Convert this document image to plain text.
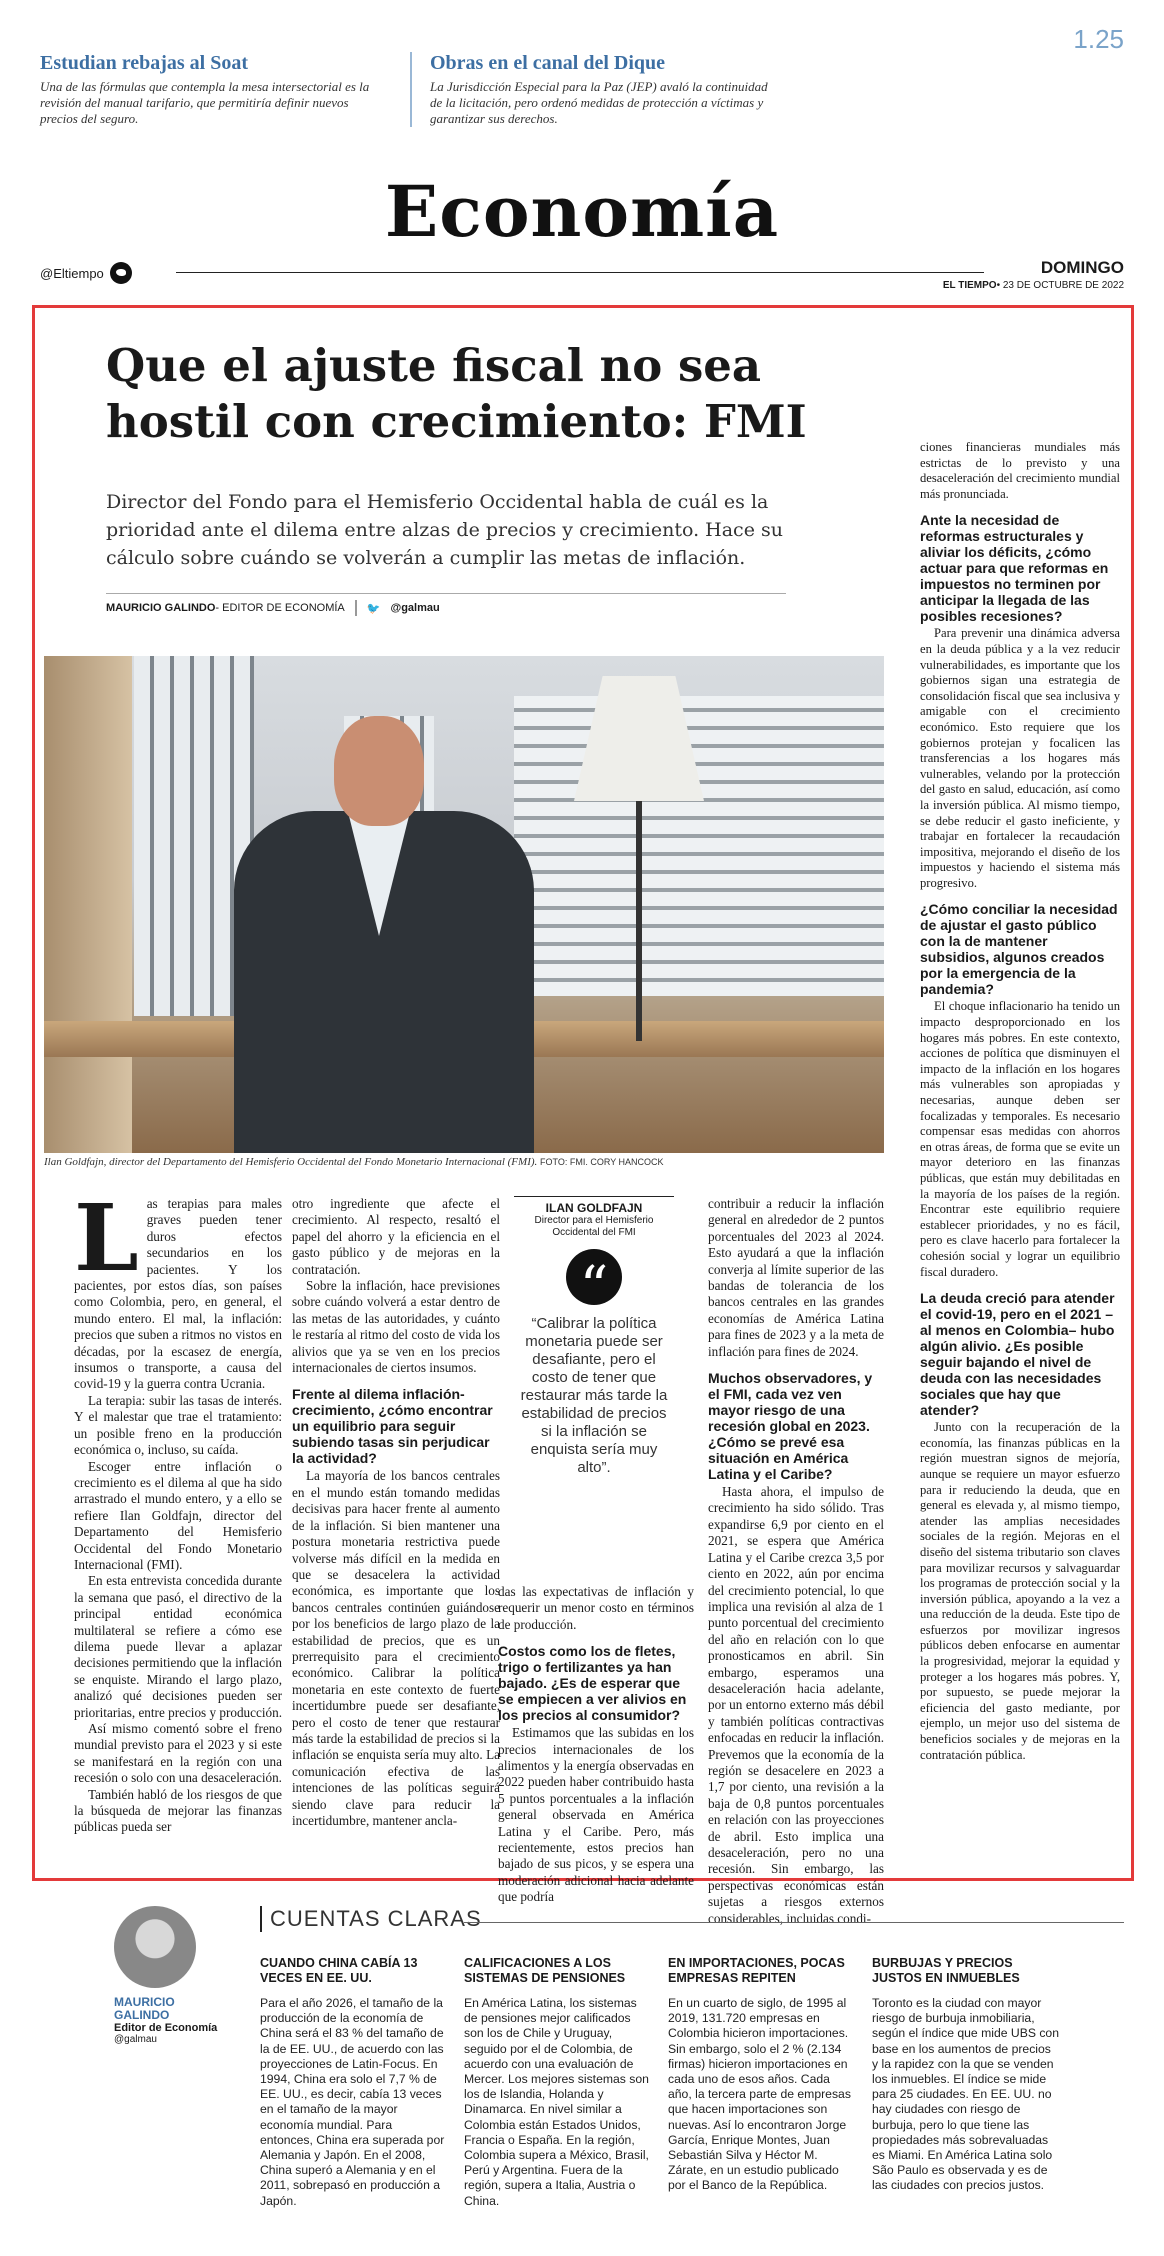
1.25
Estudian rebajas al Soat

Una de las fórmulas que contempla la mesa intersectorial es la revisión del manual tarifario, que permitiría definir nuevos precios del seguro.

Obras en el canal del Dique

La Jurisdicción Especial para la Paz (JEP) avaló la continuidad de la licitación, pero ordenó medidas de protección a víctimas y garantizar sus derechos.

Economía
@Eltiempo	DOMINGO
EL TIEMPO• 23 DE OCTUBRE DE 2022
Que el ajuste fiscal no sea hostil con crecimiento: FMI

Director del Fondo para el Hemisferio Occidental habla de cuál es la prioridad ante el dilema entre alzas de precios y crecimiento. Hace su cálculo sobre cuándo se volverán a cumplir las metas de inflación.

MAURICIO GALINDO- EDITOR DE ECONOMÍA 🐦 @galmau
Ilan Goldfajn, director del Departamento del Hemisferio Occidental del Fondo Monetario Internacional (FMI). FOTO: FMI. CORY HANCOCK
L as terapias para males graves pueden tener duros efectos secundarios en los pacientes. Y los pacientes, por estos días, son países como Colombia, pero, en general, el mundo entero. El mal, la inflación: precios que suben a ritmos no vistos en décadas, por la escasez de energía, insumos o transporte, a causa del covid-19 y la guerra contra Ucrania.

La terapia: subir las tasas de interés. Y el malestar que trae el tratamiento: un posible freno en la producción económica o, incluso, su caída.

Escoger entre inflación o crecimiento es el dilema al que ha sido arrastrado el mundo entero, y a ello se refiere Ilan Goldfajn, director del Departamento del Hemisferio Occidental del Fondo Monetario Internacional (FMI).

En esta entrevista concedida durante la semana que pasó, el directivo de la principal entidad económica multilateral se refiere a cómo ese dilema puede llevar a aplazar decisiones permitiendo que la inflación se enquiste. Mirando el largo plazo, analizó qué decisiones pueden ser prioritarias, entre precios y producción.

Así mismo comentó sobre el freno mundial previsto para el 2023 y si este se manifestará en la región con una recesión o solo con una desaceleración.

También habló de los riesgos de que la búsqueda de mejorar las finanzas públicas pueda ser

otro ingrediente que afecte el crecimiento. Al respecto, resaltó el papel del ahorro y la eficiencia en el gasto público y de mejoras en la contratación.

Sobre la inflación, hace previsiones sobre cuándo volverá a estar dentro de las metas de las autoridades, y cuánto le restaría al ritmo del costo de vida los alivios que ya se ven en los precios internacionales de ciertos insumos.

Frente al dilema inflación-crecimiento, ¿cómo encontrar un equilibrio para seguir subiendo tasas sin perjudicar la actividad?

La mayoría de los bancos centrales en el mundo están tomando medidas decisivas para hacer frente al aumento de la inflación. Si bien mantener una postura monetaria restrictiva puede volverse más difícil en la medida en que se desacelera la actividad económica, es importante que los bancos centrales continúen guiándose por los beneficios de largo plazo de la estabilidad de precios, que es un prerrequisito para el crecimiento económico. Calibrar la política monetaria en este contexto de fuerte incertidumbre puede ser desafiante, pero el costo de tener que restaurar más tarde la estabilidad de precios si la inflación se enquista sería muy alto. La comunicación efectiva de las intenciones de las políticas seguirá siendo clave para reducir la incertidumbre, mantener ancla-

ILAN GOLDFAJN
Director para el Hemisferio Occidental del FMI
“
“Calibrar la política monetaria puede ser desafiante, pero el costo de tener que restaurar más tarde la estabilidad de precios si la inflación se enquista sería muy alto”.

das las expectativas de inflación y requerir un menor costo en términos de producción.

Costos como los de fletes, trigo o fertilizantes ya han bajado. ¿Es de esperar que se empiecen a ver alivios en los precios al consumidor?

Estimamos que las subidas en los precios internacionales de los alimentos y la energía observadas en 2022 pueden haber contribuido hasta 5 puntos porcentuales a la inflación general observada en América Latina y el Caribe. Pero, más recientemente, estos precios han bajado de sus picos, y se espera una moderación adicional hacia adelante que podría

contribuir a reducir la inflación general en alrededor de 2 puntos porcentuales del 2023 al 2024. Esto ayudará a que la inflación converja al límite superior de las bandas de tolerancia de los bancos centrales en las grandes economías de América Latina para fines de 2023 y a la meta de inflación para fines de 2024.

Muchos observadores, y el FMI, cada vez ven mayor riesgo de una recesión global en 2023. ¿Cómo se prevé esa situación en América Latina y el Caribe?

Hasta ahora, el impulso de crecimiento ha sido sólido. Tras expandirse 6,9 por ciento en el 2021, se espera que América Latina y el Caribe crezca 3,5 por ciento en 2022, aún por encima del crecimiento potencial, lo que implica una revisión al alza de 1 punto porcentual del crecimiento del año en relación con lo que pronosticamos en abril. Sin embargo, esperamos una desaceleración hacia adelante, por un entorno externo más débil y también políticas contractivas enfocadas en reducir la inflación. Prevemos que la economía de la región se desacelere en 2023 a 1,7 por ciento, una revisión a la baja de 0,8 puntos porcentuales en relación con las proyecciones de abril. Esto implica una desaceleración, pero no una recesión. Sin embargo, las perspectivas económicas están sujetas a riesgos externos considerables, incluidas condi-

ciones financieras mundiales más estrictas de lo previsto y una desaceleración del crecimiento mundial más pronunciada.

Ante la necesidad de reformas estructurales y aliviar los déficits, ¿cómo actuar para que reformas en impuestos no terminen por anticipar la llegada de las posibles recesiones?

Para prevenir una dinámica adversa en la deuda pública y a la vez reducir vulnerabilidades, es importante que los gobiernos sigan una estrategia de consolidación fiscal que sea inclusiva y amigable con el crecimiento económico. Esto requiere que los gobiernos protejan y focalicen las transferencias a los hogares más vulnerables, velando por la protección del gasto en salud, educación, así como la inversión pública. Al mismo tiempo, se debe reducir el gasto ineficiente, y trabajar en fortalecer la recaudación impositiva, mejorando el diseño de los impuestos y haciendo el sistema más progresivo.

¿Cómo conciliar la necesidad de ajustar el gasto público con la de mantener subsidios, algunos creados por la emergencia de la pandemia?

El choque inflacionario ha tenido un impacto desproporcionado en los hogares más pobres. En este contexto, acciones de política que disminuyen el impacto de la inflación en los hogares más vulnerables son apropiadas y necesarias, aunque deben ser focalizadas y temporales. Es necesario compensar esas medidas con ahorros en otras áreas, de forma que se evite un mayor deterioro en las finanzas públicas, que están muy debilitadas en la mayoría de los países de la región. Encontrar este equilibrio requiere establecer prioridades, y no es fácil, pero es clave hacerlo para fortalecer la cohesión social y lograr un equilibrio fiscal duradero.

La deuda creció para atender el covid-19, pero en el 2021 –al menos en Colombia– hubo algún alivio. ¿Es posible seguir bajando el nivel de deuda con las necesidades sociales que hay que atender?

Junto con la recuperación de la economía, las finanzas públicas en la región muestran signos de mejoría, aunque se requiere un mayor esfuerzo para ir reduciendo la deuda, que en general es elevada y, al mismo tiempo, atender las amplias necesidades sociales de la región. Mejoras en el diseño del sistema tributario son claves para movilizar recursos y salvaguardar los programas de protección social y la inversión pública, apoyando a la vez a una reducción de la deuda. Este tipo de esfuerzos por movilizar ingresos públicos deben enfocarse en aumentar la progresividad, mejorar la equidad y proteger a los hogares más pobres. Y, por supuesto, se puede mejorar la eficiencia del gasto mediante, por ejemplo, un mejor uso del sistema de beneficios sociales y de mejoras en la contratación pública.

MAURICIO GALINDO
Editor de Economía
@galmau
CUENTAS CLARAS
CUANDO CHINA CABÍA 13 VECES EN EE. UU.

Para el año 2026, el tamaño de la producción de la economía de China será el 83 % del tamaño de la de EE. UU., de acuerdo con las proyecciones de Latin-Focus. En 1994, China era solo el 7,7 % de EE. UU., es decir, cabía 13 veces en el tamaño de la mayor economía mundial. Para entonces, China era superada por Alemania y Japón. En el 2008, China superó a Alemania y en el 2011, sobrepasó en producción a Japón.

CALIFICACIONES A LOS SISTEMAS DE PENSIONES

En América Latina, los sistemas de pensiones mejor calificados son los de Chile y Uruguay, seguido por el de Colombia, de acuerdo con una evaluación de Mercer. Los mejores sistemas son los de Islandia, Holanda y Dinamarca. En nivel similar a Colombia están Estados Unidos, Francia o España. En la región, Colombia supera a México, Brasil, Perú y Argentina. Fuera de la región, supera a Italia, Austria o China.

EN IMPORTACIONES, POCAS EMPRESAS REPITEN

En un cuarto de siglo, de 1995 al 2019, 131.720 empresas en Colombia hicieron importaciones. Sin embargo, solo el 2 % (2.134 firmas) hicieron importaciones en cada uno de esos años. Cada año, la tercera parte de empresas que hacen importaciones son nuevas. Así lo encontraron Jorge García, Enrique Montes, Juan Sebastián Silva y Héctor M. Zárate, en un estudio publicado por el Banco de la República.

BURBUJAS Y PRECIOS JUSTOS EN INMUEBLES

Toronto es la ciudad con mayor riesgo de burbuja inmobiliaria, según el índice que mide UBS con base en los aumentos de precios y la rapidez con la que se venden los inmuebles. El índice se mide para 25 ciudades. En EE. UU. no hay ciudades con riesgo de burbuja, pero lo que tiene las propiedades más sobrevaluadas es Miami. En América Latina solo São Paulo es observada y es de las ciudades con precios justos.
